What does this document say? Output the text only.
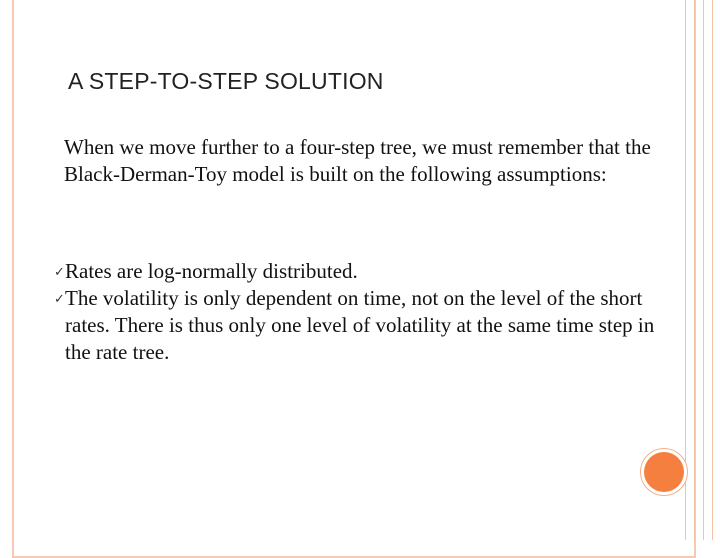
A STEP-TO-STEP SOLUTION
When we move further to a four-step tree, we must remember that the Black-Derman-Toy model is built on the following assumptions:
✓ Rates are log-normally distributed.
✓ The volatility is only dependent on time, not on the level of the short rates. There is thus only one level of volatility at the same time step in the rate tree.
